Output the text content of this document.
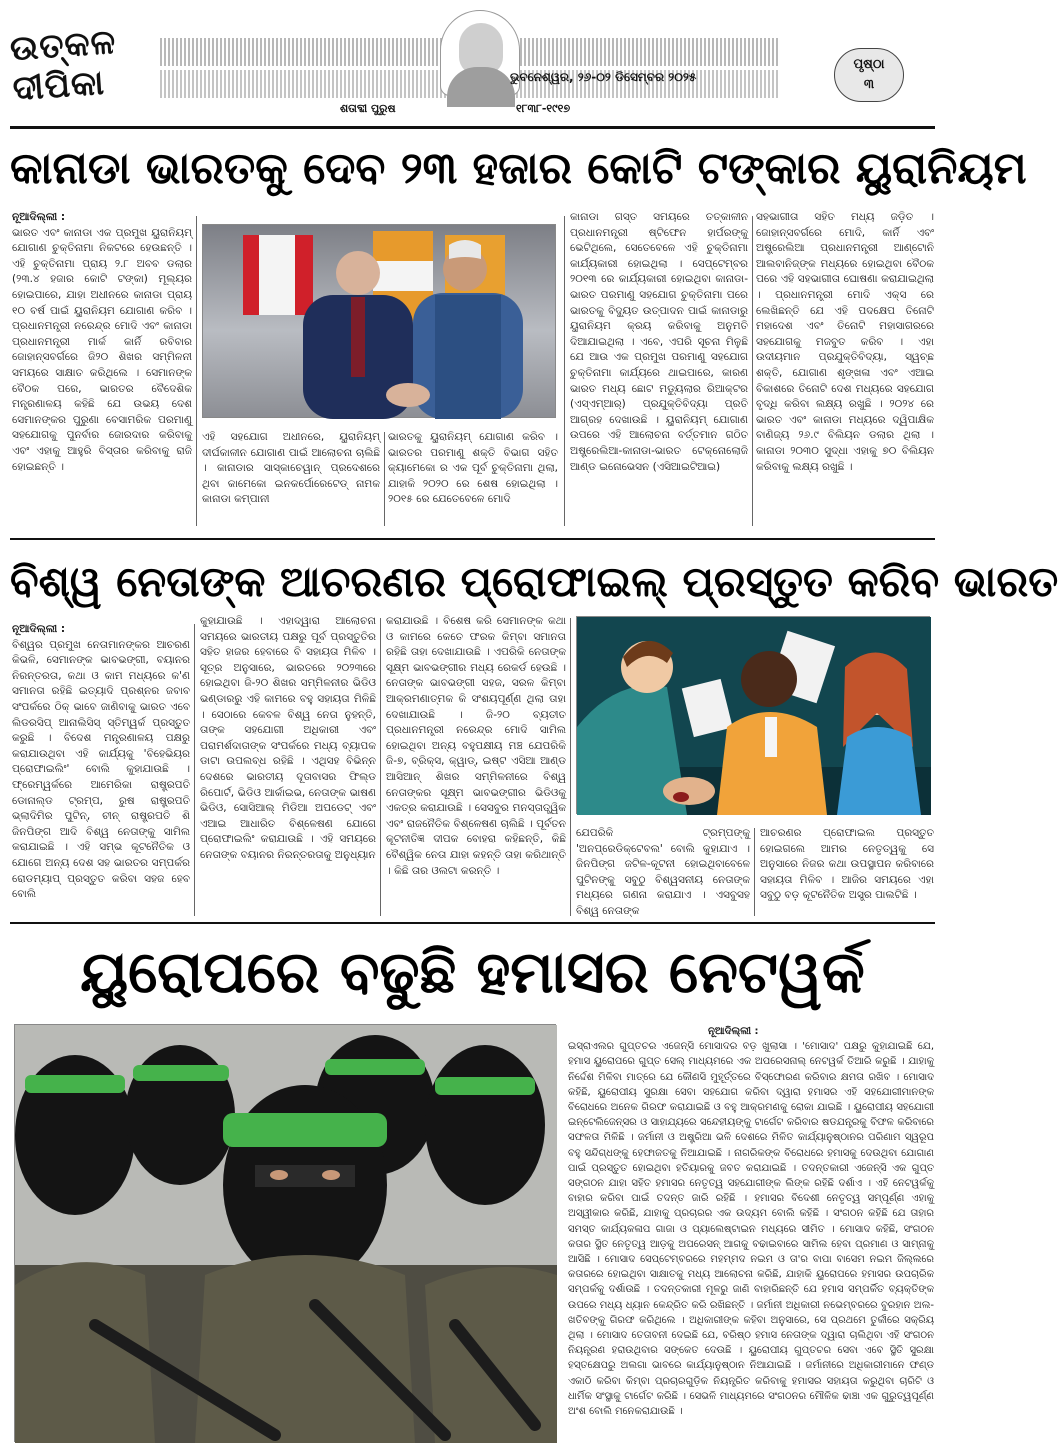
ଉତ୍କଳ ଦୀପିକା	ଭୁବନେଶ୍ୱର, ୨୬-୦୨ ଡିସେମ୍ବର ୨୦୨୫
ଶତାବ୍ଦୀ ପୁରୁଷ	୧୮୩୮-୧୯୧୭
ପୃଷ୍ଠା
୩
କାନାଡା ଭାରତକୁ ଦେବ ୨୩ ହଜାର କୋଟି ଟଙ୍କାର ୟୁରାନିୟମ
ନୂଆଦିଲ୍ଲୀ :
ଭାରତ ଏବଂ କାନାଡା ଏକ ପ୍ରମୁଖ ୟୁରାନିୟମ୍ ଯୋଗାଣ ଚୁକ୍ତିନାମା ନିକଟରେ ହେଉଛନ୍ତି । ଏହି ଚୁକ୍ତିନାମା ପ୍ରାୟ ୨.୮ ଅବବ ଡଲାର (୨୩.୪ ହଜାର କୋଟି ଟଙ୍କା) ମୂଲ୍ୟର ହୋଇପାରେ, ଯାହା ଅଧୀନରେ କାନାଡା ପ୍ରାୟ ୧୦ ବର୍ଷ ପାଇଁ ୟୁରାନିୟମ ଯୋଗାଣ କରିବ । ପ୍ରଧାନମନ୍ତ୍ରୀ ନରେନ୍ଦ୍ର ମୋଦି ଏବଂ କାନାଡା ପ୍ରଧାନମନ୍ତ୍ରୀ ମାର୍କ କାର୍ନି ରବିବାର ଜୋହାନ୍ସବର୍ଗରେ ଜି୨୦ ଶିଖର ସମ୍ମିଳନୀ ସମୟରେ ସାକ୍ଷାତ କରିଥିଲେ । ସେମାନଙ୍କ ବୈଠକ ପରେ, ଭାରତର ବୈଦେଶିକ ମନ୍ତ୍ରଣାଳୟ କହିଛି ଯେ ଉଭୟ ଦେଶ ସେମାନଙ୍କର ପୁରୁଣା ବେସାମରିକ ପରମାଣୁ ସହଯୋଗକୁ ପୁନର୍ବାର ଜୋରଦାର କରିବାକୁ ଏବଂ ଏହାକୁ ଆହୁରି ବିସ୍ତାର କରିବାକୁ ରାଜି ହୋଇଛନ୍ତି ।
ଏହି ସହଯୋଗ ଅଧୀନରେ, ୟୁରାନିୟମ୍ ଦୀର୍ଘକାଳୀନ ଯୋଗାଣ ପାଇଁ ଆଲୋଚନା ଚାଲିଛି । କାନାଡାର ସାସ୍କାଚେୱାନ୍ ପ୍ରଦେଶରେ ଥିବା କାମେକୋ ଇନକର୍ପୋରେଟେଡ୍ ନାମକ କାନାଡା କମ୍ପାନୀ
ଭାରତକୁ ୟୁରାନିୟମ୍ ଯୋଗାଣ କରିବ । ଭାରତର ପରମାଣୁ ଶକ୍ତି ବିଭାଗ ସହିତ କ୍ୟାମେକୋ ର ଏକ ପୂର୍ବ ଚୁକ୍ତିନାମା ଥିଲା, ଯାହାକି ୨୦୨୦ ରେ ଶେଷ ହୋଇଥିଲା । ୨୦୧୫ ରେ ଯେତେବେଳେ ମୋଦି
କାନାଡା ଗସ୍ତ ସମୟରେ ତତ୍କାଳୀନ ପ୍ରଧାନମନ୍ତ୍ରୀ ଷ୍ଟିଫେନ ହାର୍ପରଙ୍କୁ ଭେଟିଥିଲେ, ସେତେବେଳେ ଏହି ଚୁକ୍ତିନାମା କାର୍ଯ୍ୟକାରୀ ହୋଇଥିଲା । ସେପ୍ଟେମ୍ବର ୨୦୧୩ ରେ କାର୍ଯ୍ୟକାରୀ ହୋଇଥିବା କାନାଡା-ଭାରତ ପରମାଣୁ ସହଯୋଗ ଚୁକ୍ତିନାମା ପରେ ଭାରତକୁ ବିଦ୍ୟୁତ ଉତ୍ପାଦନ ପାଇଁ କାନାଡାରୁ ୟୁରାନିୟମ କ୍ରୟ କରିବାକୁ ଅନୁମତି ଦିଆଯାଇଥିଲା । ଏବେ, ଏପରି ସୂଚନା ମିଳୁଛି ଯେ ଆଉ ଏକ ପ୍ରମୁଖ ପରମାଣୁ ସହଯୋଗ ଚୁକ୍ତିନାମା କାର୍ଯ୍ୟରେ ଥାଇପାରେ, କାରଣ ଭାରତ ମଧ୍ୟ ଛୋଟ ମଡ୍ୟୁଲାର ରିଆକ୍ଟର (ଏସ୍‌ଏମ୍‌ଆର୍) ପ୍ରଯୁକ୍ତିବିଦ୍ୟା ପ୍ରତି ଆଗ୍ରହ ଦେଖାଉଛି । ୟୁରାନିୟମ୍ ଯୋଗାଣ ଉପରେ ଏହି ଆଲୋଚନା ବର୍ତ୍ତମାନ ଗଠିତ ଅଷ୍ଟ୍ରେଲିଆ-କାନାଡା-ଭାରତ ଟେକ୍ନୋଲୋଜି ଆଣ୍ଡ ଇନୋଭେସନ (ଏସିଆଇଟିଆଇ)
ସହଭାଗୀତା ସହିତ ମଧ୍ୟ ଜଡ଼ିତ । ଜୋହାନ୍ସବର୍ଗରେ ମୋଦି, କାର୍ନି ଏବଂ ଅଷ୍ଟ୍ରେଲିଆ ପ୍ରଧାନମନ୍ତ୍ରୀ ଆଣ୍ଟୋନି ଆଲବାନିଜ୍‌ଙ୍କ ମଧ୍ୟରେ ହୋଇଥିବା ବୈଠକ ପରେ ଏହି ସହଭାଗୀତା ଘୋଷଣା କରାଯାଇଥିଲା । ପ୍ରଧାନମନ୍ତ୍ରୀ ମୋଦି ଏକ୍ସ ରେ ଲେଖିଛନ୍ତି ଯେ ଏହି ପଦକ୍ଷେପ ତିନୋଟି ମହାଦେଶ ଏବଂ ତିନୋଟି ମହାସାଗରରେ ସହଯୋଗକୁ ମଜବୁତ କରିବ । ଏହା ଉଦୀୟମାନ ପ୍ରଯୁକ୍ତିବିଦ୍ୟା, ସ୍ୱଚ୍ଛ ଶକ୍ତି, ଯୋଗାଣ ଶୃଙ୍ଖଳା ଏବଂ ଏଆଇ ବିକାଶରେ ତିନୋଟି ଦେଶ ମଧ୍ୟରେ ସହଯୋଗ ବୃଦ୍ଧି କରିବା ଲକ୍ଷ୍ୟ ରଖୁଛି । ୨୦୨୪ ରେ ଭାରତ ଏବଂ କାନାଡା ମଧ୍ୟରେ ଦ୍ୱିପାକ୍ଷିକ ବାଣିଜ୍ୟ ୨୬.୯ ବିଲିୟନ ଡଲାର ଥିଲା । କାନାଡା ୨୦୩୦ ସୁଦ୍ଧା ଏହାକୁ ୭୦ ବିଲିୟନ କରିବାକୁ ଲକ୍ଷ୍ୟ ରଖୁଛି ।
ବିଶ୍ୱ ନେତାଙ୍କ ଆଚରଣର ପ୍ରୋଫାଇଲ୍ ପ୍ରସ୍ତୁତ କରିବ ଭାରତ
ନୂଆଦିଲ୍ଲୀ :
ବିଶ୍ୱର ପ୍ରମୁଖ ନେତାମାନଙ୍କର ଆଚରଣ କିଭଳି, ସେମାନଙ୍କ ଭାବଭଙ୍ଗୀ, ବୟାନର ନିରନ୍ତରତା, କଥା ଓ କାମ ମଧ୍ୟରେ କ'ଣ ସମାନତା ରହିଛି ଇତ୍ୟାଦି ପ୍ରଶ୍ନର ଜବାବ ସଂପର୍କରେ ଠିକ୍ ଭାବେ ଜାଣିବାକୁ ଭାରତ ଏବେ ଲିଡରସିପ୍ ଆନାଲିସିସ୍ ସ୍ତିମ୍‌ୱର୍କ ପ୍ରସ୍ତୁତ କରୁଛି । ବିଦେଶ ମନ୍ତ୍ରଣାଳୟ ପକ୍ଷରୁ କରାଯାଉଥିବା ଏହି କାର୍ଯ୍ୟକୁ 'ବିହେଭିୟର ପ୍ରୋଫାଇଲିଂ' ବୋଲି କୁହାଯାଉଛି । ଫ୍ରେମ୍‌ୱର୍କରେ ଆମେରିକା ରାଷ୍ଟ୍ରପତି ଡୋନାଲ୍ଡ ଟ୍ରମ୍ପ, ରୁଷ ରାଷ୍ଟ୍ରପତି ଭ୍ଲାଦିମିର ପୁଟିନ୍, ଚୀନ୍ ରାଷ୍ଟ୍ରପତି ଶି ଜିନପିଙ୍ଗ ଆଦି ବିଶ୍ୱ ନେତାଙ୍କୁ ସାମିଲ କରାଯାଇଛି । ଏହି ସମ୍ଭ କୂଟନୈତିକ ଓ ଯୋଗେ ଅନ୍ୟ ଦେଶ ସହ ଭାରତର ସମ୍ପର୍କର ରୋଡମ୍ୟାପ୍ ପ୍ରସ୍ତୁତ କରିବା ସହଜ ହେବ ବୋଲି
କୁହାଯାଉଛି । ଏହାଦ୍ୱାରା ଆଲୋଚନା ସମୟରେ ଭାରତୀୟ ପକ୍ଷରୁ ପୂର୍ବ ପ୍ରସ୍ତୁତିର ସହିତ ହାଜର ହେବାରେ ବି ସହାୟତା ମିଳିବ । ସୂତ୍ର ଅନୁସାରେ, ଭାରତରେ ୨୦୨୩ରେ ହୋଇଥିବା ଜି-୨୦ ଶିଖର ସମ୍ମିଳନୀର ଭିଡିଓ ଭଣ୍ଡାରରୁ ଏହି କାମରେ ବହୁ ସହାୟତା ମିଳିଛି । ସେଠାରେ କେବଳ ବିଶ୍ୱ ନେତା ନୁହନ୍ତି, ତାଙ୍କ ସହଯୋଗୀ ଅଧିକାରୀ ଏବଂ ପରାମର୍ଶଦାତାଙ୍କ ସଂପର୍କରେ ମଧ୍ୟ ବ୍ୟାପକ ଡାଟା ଉପଲବ୍ଧ ରହିଛି । ଏଥିସହ ବିଭିନ୍ନ ଦେଶରେ ଭାରତୀୟ ଦୂତାବାସର ଫିଲ୍ଡ ରିପୋର୍ଟ, ଭିଡିଓ ଆର୍କାଇଭ, ନେତାଙ୍କ ଭାଷଣ ଭିଡିଓ, ସୋସିଆଲ୍ ମିଡିଆ ଅପଡେଟ୍ ଏବଂ ଏଆଇ ଆଧାରିତ ବିଶ୍ଳେଷଣ ଯୋଗେ ପ୍ରୋଫାଇଲିଂ କରାଯାଉଛି । ଏହି ସମୟରେ ନେତାଙ୍କ ବୟାନର ନିରନ୍ତରତାକୁ ଅନୁଧ୍ୟାନ
କରାଯାଉଛି । ବିଶେଷ କରି ସେମାନଙ୍କ କଥା ଓ କାମରେ କେତେ ଫରକ କିମ୍ବା ସମାନତା ରହିଛି ତାହା ଦେଖାଯାଉଛି । ଏପରିକି ନେତାଙ୍କ ସୂକ୍ଷ୍ମ ଭାବଭଙ୍ଗୀର ମଧ୍ୟ ରେକର୍ଡ ହେଉଛି । ନେତାଙ୍କ ଭାବଭଙ୍ଗୀ ସହଜ, ସରଳ କିମ୍ବା ଆକ୍ରମଣାତ୍ମକ କି ସଂଶୟପୂର୍ଣ୍ଣ ଥିଲା ତାହା ଦେଖାଯାଉଛି । ଜି-୨୦ ବ୍ୟତୀତ ପ୍ରଧାନମନ୍ତ୍ରୀ ନରେନ୍ଦ୍ର ମୋଦି ସାମିଲ ହୋଇଥିବା ଅନ୍ୟ ବହୁପକ୍ଷୀୟ ମଞ୍ଚ ଯେପରିକି ଜି-୭, ବ୍ରିକ୍ସ, କ୍ୱାଡ୍, ଇଷ୍ଟ ଏସିଆ ଆଣ୍ଡ ଆସିଆନ୍ ଶିଖର ସମ୍ମିଳନୀରେ ବିଶ୍ୱ ନେତାଙ୍କର ସୂକ୍ଷ୍ମ ଭାବଭଙ୍ଗୀର ଭିଡିଓକୁ ଏକତ୍ର କରାଯାଉଛି । ସେସବୁର ମନସ୍ତାତ୍ତ୍ୱିକ ଏବଂ ରାଜନୈତିକ ବିଶ୍ଳେଷଣ ଚାଲିଛି । ପୂର୍ବତନ କୂଟନୀତିଜ୍ଞ ଦୀପକ ବୋହରା କହିଛନ୍ତି, କିଛି ବୈଶ୍ୱିକ ନେତା ଯାହା କହନ୍ତି ତାହା କରିଥାନ୍ତି । କିଛି ତାର ଓଲଟା କରନ୍ତି ।
ଯେପରିକି ଟ୍ରମ୍ପଙ୍କୁ 'ଅନପ୍ରେଡିକ୍ଟେବଲ' ବୋଲି କୁହାଯାଏ । ଜିନପିଙ୍ଗ ଜଟିଳ-କୂଟନୀ ହୋଇଥିବାବେଳେ ପୁଟିନଙ୍କୁ ସବୁଠୁ ବିଶ୍ୱସନୀୟ ନେତାଙ୍କ ମଧ୍ୟରେ ଗଣନା କରାଯାଏ । ଏସବୁସହ ବିଶ୍ୱ ନେତାଙ୍କ
ଆଚରଣର ପ୍ରୋଫାଇଲ ପ୍ରସ୍ତୁତ ହୋଇଗଲେ ଆମର ନେତୃତ୍ୱକୁ ସେ ଅନୁସାରେ ନିଜର କଥା ଉପସ୍ଥାପନ କରିବାରେ ସହାୟତା ମିଳିବ । ଆଜିର ସମୟରେ ଏହା ସବୁଠୁ ବଡ଼ କୂଟନୈତିକ ଅସ୍ତ୍ର ପାଲଟିଛି ।
ୟୁରୋପରେ ବଢୁଛି ହମାସର ନେଟୱର୍କ
ନୂଆଦିଲ୍ଲୀ :
ଇସ୍ରାଏଲର ଗୁପ୍ତଚର ଏଜେନ୍ସି ମୋସାଦର ବଡ଼ ଖୁଲାସା । 'ମୋସାଦ' ପକ୍ଷରୁ କୁହାଯାଇଛି ଯେ, ହମାସ ୟୁରୋପରେ ଗୁପ୍ତ ସେଲ୍ ମାଧ୍ୟମରେ ଏକ ଅପରେସନାଲ୍ ନେଟୱର୍କ ତିଆରି କରୁଛି । ଯାହାକୁ ନିର୍ଦ୍ଦେଶ ମିଳିବା ମାତ୍ରେ ଯେ କୌଣସି ମୁହୂର୍ତ୍ତରେ ବିସ୍ଫୋରଣ କରିବାର କ୍ଷମତା ରଖିବ । ମୋସାଦ କହିଛି, ୟୁରୋପୀୟ ସୁରକ୍ଷା ସେବା ସହଯୋଗ କରିବା ଦ୍ୱାରା ହମାସର ଏହି ସହଯୋଗୀମାନଙ୍କ ବିରୋଧରେ ଅନେକ ଗିରଫ କରାଯାଇଛି ଓ ବହୁ ଆକ୍ରମଣକୁ ରୋକା ଯାଇଛି । ୟୁରୋପୀୟ ସହଯୋଗୀ ଇନ୍ଟେଲିଜେନ୍ସର ଓ ସାହାଯ୍ୟରେ ସନ୍ଦେହୀୟଙ୍କୁ ଟାର୍ଗେଟ କରିବାର ଷଡଯନ୍ତ୍ରକୁ ବିଫଳ କରିବାରେ ସଫଳତା ମିଳିଛି । ଜର୍ମାନୀ ଓ ଅଷ୍ଟ୍ରିଆ ଭଳି ଦେଶରେ ମିଳିତ କାର୍ଯ୍ୟାନୁଷ୍ଠାନର ପରିଣାମ ସ୍ୱରୂପ ବହୁ ସନ୍ଦିଗ୍ଧଙ୍କୁ ହେଫାଜତକୁ ନିଆଯାଇଛି । ନାଗରିକଙ୍କ ବିରୋଧରେ ହମାସକୁ ଦେଉଥିବା ଯୋଗାଣ ପାଇଁ ପ୍ରସ୍ତୁତ ହୋଇଥିବା ହତିୟାରକୁ ଜବତ କରାଯାଇଛି । ତଦନ୍ତକାରୀ ଏଜେନ୍ସି ଏକ ଗୁପ୍ତ ସଙ୍ଗଠନ ଯାହା ସହିତ ହମାସର ନେତୃତ୍ୱ ସହଯୋଗୀଙ୍କ ଲିଙ୍କ ରହିଛି ଦର୍ଶାଏ । ଏହି ନେଟୱର୍କକୁ ବାହାର କରିବା ପାଇଁ ତଦନ୍ତ ଜାରି ରହିଛି । ହମାସର ବିଦେଶୀ ନେତୃତ୍ୱ ସମ୍ପୂର୍ଣ୍ଣ ଏହାକୁ ଅସ୍ୱୀକାର କରିଛି, ଯାହାକୁ ପ୍ରଚାରର ଏକ ଉଦ୍ୟମ ବୋଲି କହିଛି । ସଂଗଠନ କହିଛି ଯେ ତାହାର ସମସ୍ତ କାର୍ଯ୍ୟକଳାପ ଗାଜା ଓ ପ୍ୟାଲେଷ୍ଟାଇନ ମଧ୍ୟରେ ସୀମିତ । ମୋସାଦ କହିଛି, ସଂଗଠନ କତାର ସ୍ଥିତ ନେତୃତ୍ୱ ଆଡ଼କୁ ଅପରେସନ୍ ଆଗକୁ ବଢାଇବାରେ ସାମିଲ ହେବା ପ୍ରମାଣ ଓ ସାମ୍ନାକୁ ଆସିଛି । ମୋସାଦ ସେପ୍ଟେମ୍ବରରେ ମହମ୍ମଦ ନଇମ ଓ ତା'ର ବାପା ବାସେମ ନଇମ ଜିଲ୍ଲରେ କତାରରେ ହୋଇଥିବା ସାକ୍ଷାତକୁ ମଧ୍ୟ ଆଲୋଚନା କରିଛି, ଯାହାକି ୟୁରୋପରେ ହମାସର ଉପଚାରିକ ସମ୍ପର୍କକୁ ଦର୍ଶାଉଛି । ତଦନ୍ତକାରୀ ମୂଳରୁ ଜାଣି ବାହାରିଛନ୍ତି ଯେ ହମାସ ସମ୍ପର୍କିତ ବ୍ୟକ୍ତିଙ୍କ ଉପରେ ମଧ୍ୟ ଧ୍ୟାନ କେନ୍ଦ୍ରିତ କରି ରଖିଛନ୍ତି । ଜର୍ମାନୀ ଅଧିକାରୀ ନଭେମ୍ବରରେ ବୁରହାନ ଅଲ-ଖତିବଙ୍କୁ ଗିରଫ କରିଥିଲେ । ଅଧିକାରୀଙ୍କ କହିବା ଅନୁସାରେ, ସେ ପ୍ରଥମେ ତୁର୍କୀରେ ସକ୍ରିୟ ଥିଲା । ମୋସାଦ ତେତାବନୀ ଦେଇଛି ଯେ, ବରିଷ୍ଠ ହମାସ ନେତାଙ୍କ ଦ୍ୱାରା ଚାଲିଥିବା ଏହି ସଂଗଠନ ନିୟନ୍ତ୍ରଣ ହରାଉଥିବାର ସଙ୍କେତ ଦେଉଛି । ୟୁରୋପୀୟ ଗୁପ୍ତଚର ସେବା ଏବେ ସ୍ଥିତି ସୁରକ୍ଷା ହସ୍ତକ୍ଷେପରୁ ଅଲଗା ଭାବରେ କାର୍ଯ୍ୟାନୁଷ୍ଠାନ ନିଆଯାଇଛି । ଜର୍ମାନୀରେ ଅଧିକାରୀମାନେ ଫଣ୍ଡ ଏକାଠି କରିବା କିମ୍ବା ପ୍ରଚାରଗୁଡ଼ିକ ନିୟନ୍ତ୍ରିତ କରିବାକୁ ହମାସର ସହାୟତା କରୁଥିବା ଚାରିଟି ଓ ଧାର୍ମିକ ସଂସ୍ଥାକୁ ଟାର୍ଗେଟ କରିଛି । ସେଭଳି ମାଧ୍ୟମରେ ସଂଗଠନର ମୌଳିକ ଢାଞ୍ଚା ଏକ ଗୁରୁତ୍ୱପୂର୍ଣ୍ଣ ଅଂଶ ବୋଲି ମନେକରାଯାଉଛି ।
